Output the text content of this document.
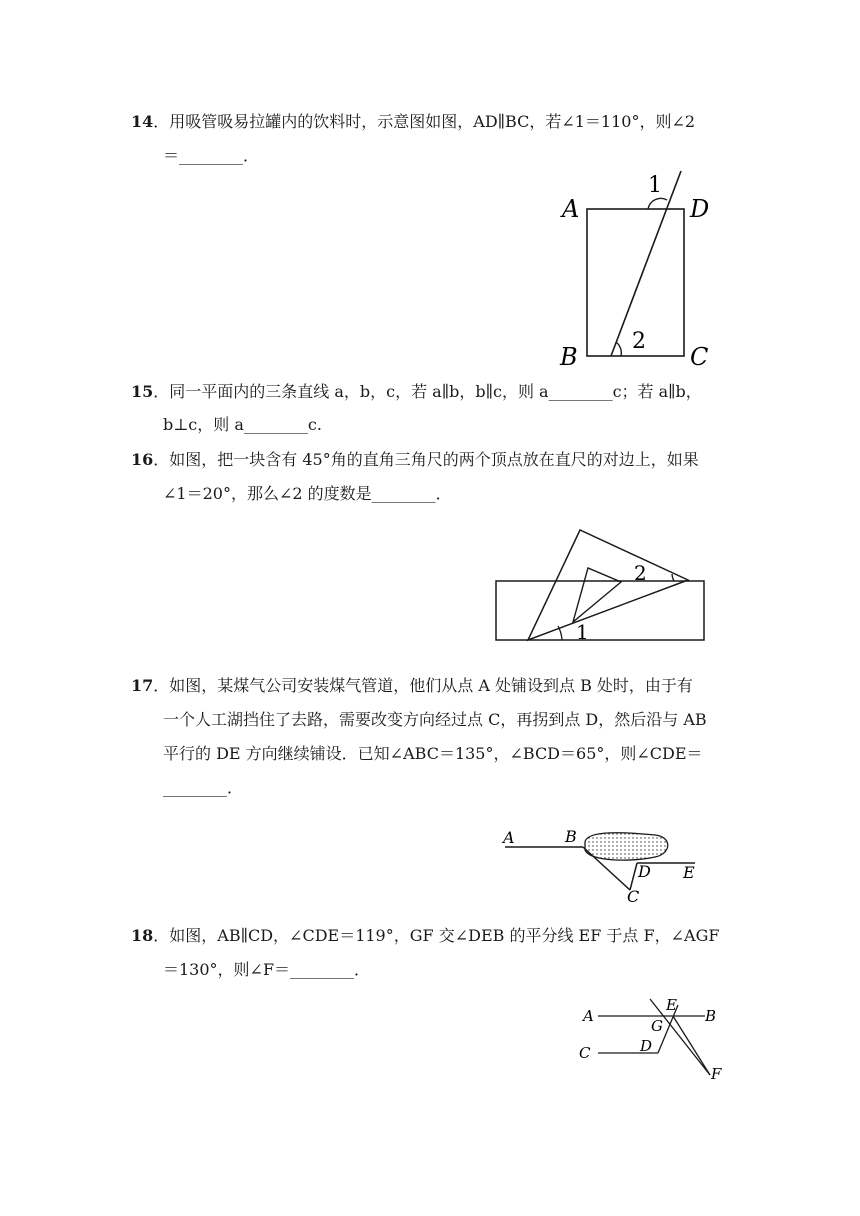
14．用吸管吸易拉罐内的饮料时，示意图如图，AD∥BC，若∠1＝110°，则∠2
＝________．
A	D
B	C
1
2
15．同一平面内的三条直线 a，b，c，若 a∥b，b∥c，则 a________c；若 a∥b，
b⊥c，则 a________c.
16．如图，把一块含有 45°角的直角三角尺的两个顶点放在直尺的对边上，如果
∠1＝20°，那么∠2 的度数是________．
1
2
17．如图，某煤气公司安装煤气管道，他们从点 A 处铺设到点 B 处时，由于有
一个人工湖挡住了去路，需要改变方向经过点 C，再拐到点 D，然后沿与 AB
平行的 DE 方向继续铺设．已知∠ABC＝135°，∠BCD＝65°，则∠CDE＝
________．
A	B
C
D E
18．如图，AB∥CD，∠CDE＝119°，GF 交∠DEB 的平分线 EF 于点 F，∠AGF
＝130°，则∠F＝________．
A	B
C	D
E
G
F
